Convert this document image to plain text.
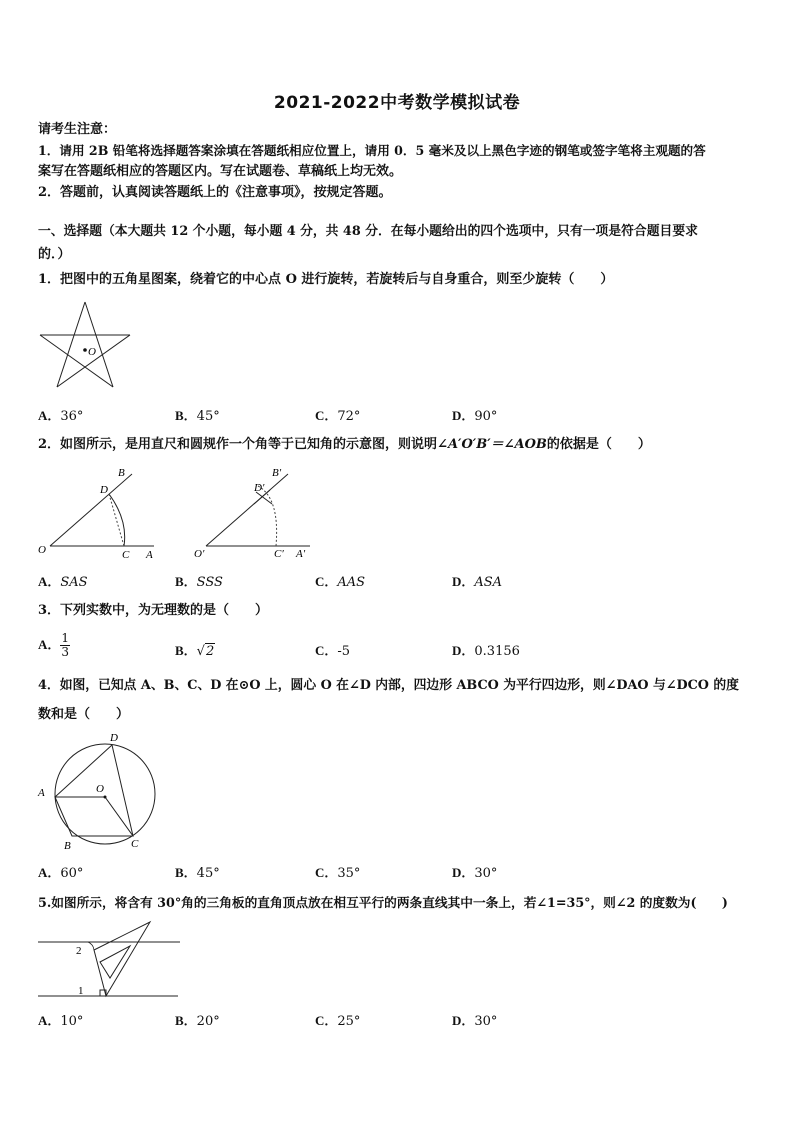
2021-2022中考数学模拟试卷
请考生注意：
1．请用 2B 铅笔将选择题答案涂填在答题纸相应位置上，请用 0．5 毫米及以上黑色字迹的钢笔或签字笔将主观题的答
案写在答题纸相应的答题区内。写在试题卷、草稿纸上均无效。
2．答题前，认真阅读答题纸上的《注意事项》，按规定答题。
一、选择题（本大题共 12 个小题，每小题 4 分，共 48 分．在每小题给出的四个选项中，只有一项是符合题目要求
的．）
1．把图中的五角星图案，绕着它的中心点 O 进行旋转，若旋转后与自身重合，则至少旋转（　　）
O
A．36°	B．45°	C．72°	D．90°
2．如图所示，是用直尺和圆规作一个角等于已知角的示意图，则说明∠A′O′B′＝∠AOB的依据是（　　）
B
D
O	C A
B′
D′
O′	C′ A′
A．SAS	B．SSS	C．AAS	D．ASA
3．下列实数中，为无理数的是（　　）
A． $\frac{1}{3}$	B．√2	C．-5	D．0.3156
4．如图，已知点 A、B、C、D 在⊙O 上，圆心 O 在∠D 内部，四边形 ABCO 为平行四边形，则∠DAO 与∠DCO 的度
数和是（　　）
A
B	C
D
O
A．60°	B．45°	C．35°	D．30°
5.如图所示，将含有 30°角的三角板的直角顶点放在相互平行的两条直线其中一条上，若∠1=35°，则∠2 的度数为(　　)
2
1
A．10°	B．20°	C．25°	D．30°
